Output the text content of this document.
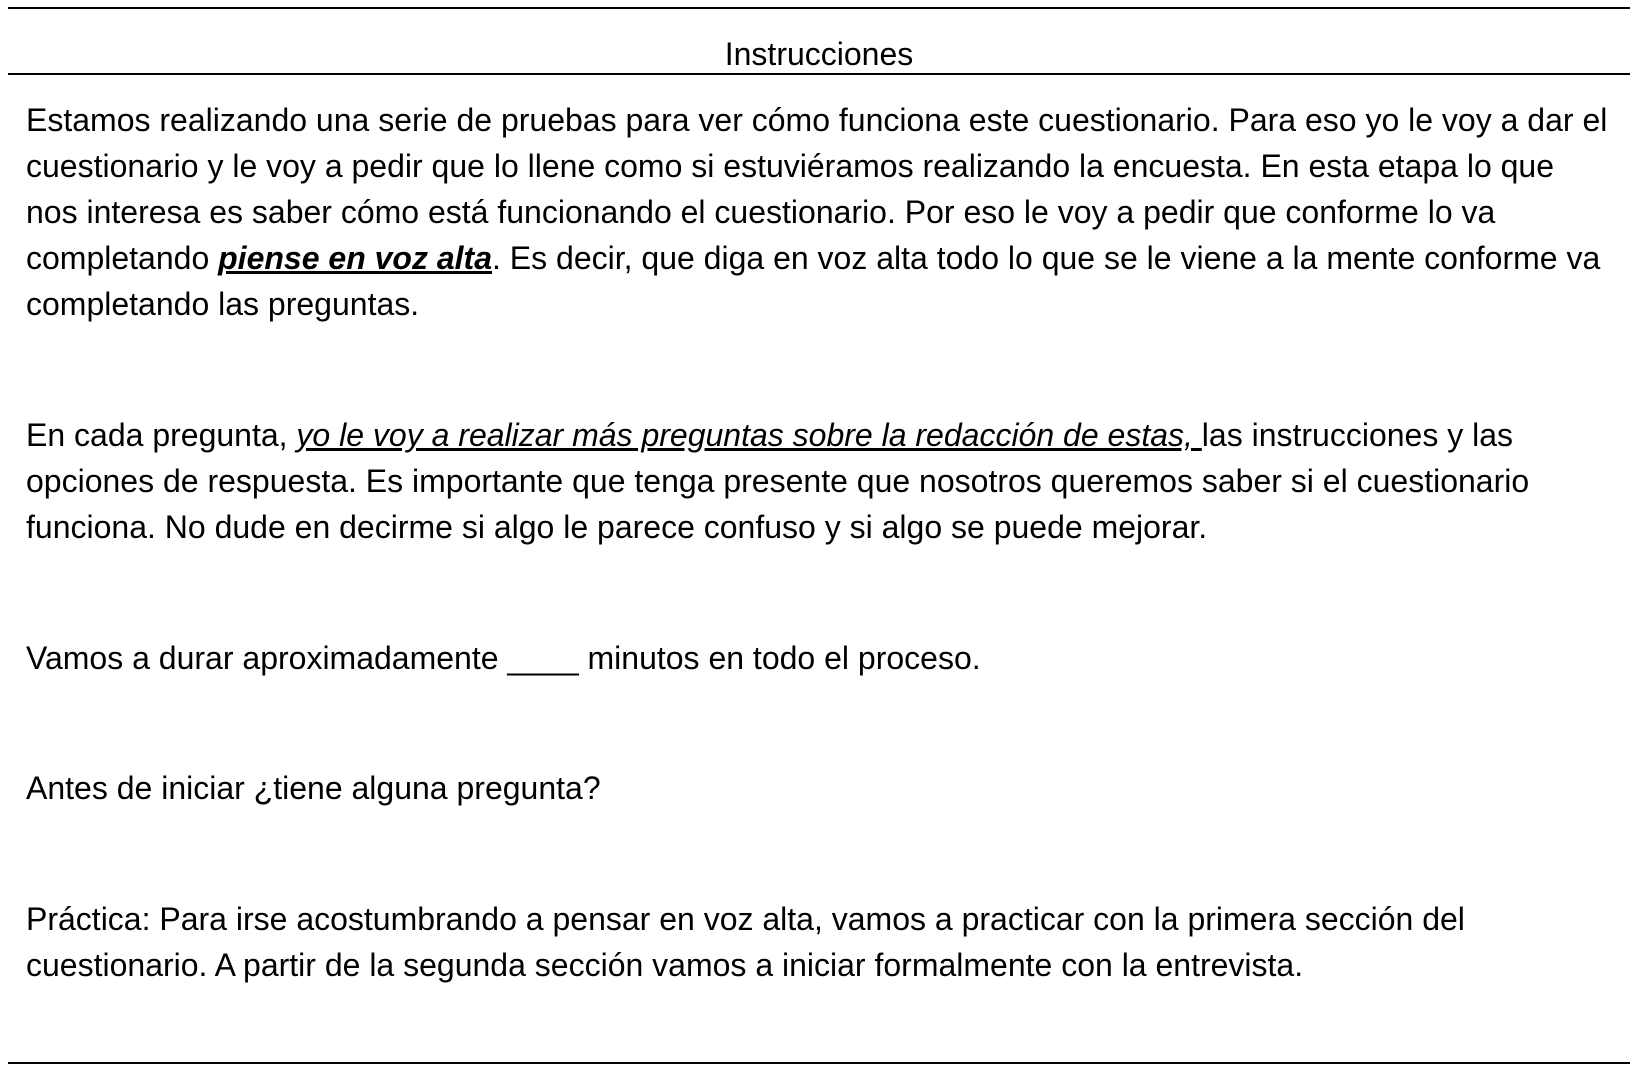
Instrucciones

Estamos realizando una serie de pruebas para ver cómo funciona este cuestionario. Para eso yo le voy a dar el cuestionario y le voy a pedir que lo llene como si estuviéramos realizando la encuesta. En esta etapa lo que nos interesa es saber cómo está funcionando el cuestionario. Por eso le voy a pedir que conforme lo va completando piense en voz alta. Es decir, que diga en voz alta todo lo que se le viene a la mente conforme va completando las preguntas.

En cada pregunta, yo le voy a realizar más preguntas sobre la redacción de estas, las instrucciones y las opciones de respuesta. Es importante que tenga presente que nosotros queremos saber si el cuestionario funciona. No dude en decirme si algo le parece confuso y si algo se puede mejorar.

Vamos a durar aproximadamente ____ minutos en todo el proceso.

Antes de iniciar ¿tiene alguna pregunta?

Práctica: Para irse acostumbrando a pensar en voz alta, vamos a practicar con la primera sección del cuestionario. A partir de la segunda sección vamos a iniciar formalmente con la entrevista.
